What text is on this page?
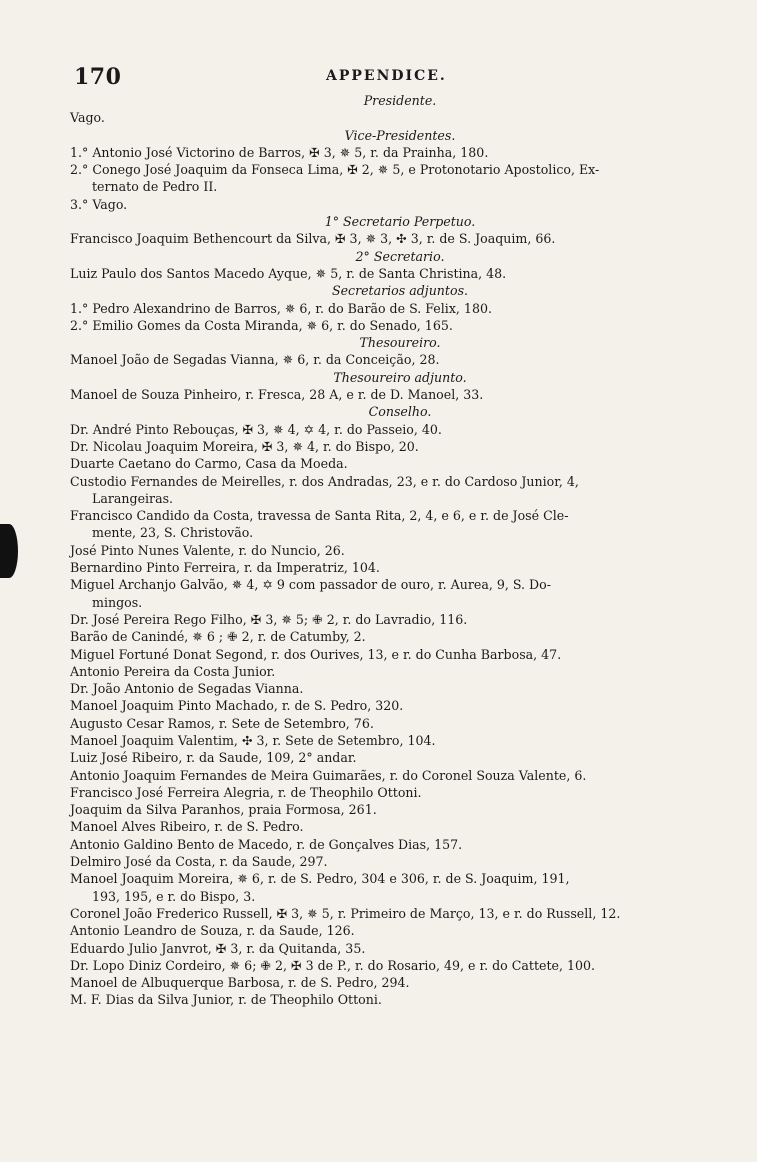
170	APPENDICE.
Presidente.
Vago.
Vice-Presidentes.
1.° Antonio José Victorino de Barros, ✠ 3, ✵ 5, r. da Prainha, 180.
2.° Conego José Joaquim da Fonseca Lima, ✠ 2, ✵ 5, e Protonotario Apostolico, Ex-
ternato de Pedro II.
3.° Vago.
1° Secretario Perpetuo.
Francisco Joaquim Bethencourt da Silva, ✠ 3, ✵ 3, ✣ 3, r. de S. Joaquim, 66.
2° Secretario.
Luiz Paulo dos Santos Macedo Ayque, ✵ 5, r. de Santa Christina, 48.
Secretarios adjuntos.
1.° Pedro Alexandrino de Barros, ✵ 6, r. do Barão de S. Felix, 180.
2.° Emilio Gomes da Costa Miranda, ✵ 6, r. do Senado, 165.
Thesoureiro.
Manoel João de Segadas Vianna, ✵ 6, r. da Conceição, 28.
Thesoureiro adjunto.
Manoel de Souza Pinheiro, r. Fresca, 28 A, e r. de D. Manoel, 33.
Conselho.
Dr. André Pinto Rebouças, ✠ 3, ✵ 4, ✡ 4, r. do Passeio, 40.
Dr. Nicolau Joaquim Moreira, ✠ 3, ✵ 4, r. do Bispo, 20.
Duarte Caetano do Carmo, Casa da Moeda.
Custodio Fernandes de Meirelles, r. dos Andradas, 23, e r. do Cardoso Junior, 4,
Larangeiras.
Francisco Candido da Costa, travessa de Santa Rita, 2, 4, e 6, e r. de José Cle-
mente, 23, S. Christovão.
José Pinto Nunes Valente, r. do Nuncio, 26.
Bernardino Pinto Ferreira, r. da Imperatriz, 104.
Miguel Archanjo Galvão, ✵ 4, ✡ 9 com passador de ouro, r. Aurea, 9, S. Do-
mingos.
Dr. José Pereira Rego Filho, ✠ 3, ✵ 5; ✙ 2, r. do Lavradio, 116.
Barão de Canindé, ✵ 6 ; ✙ 2, r. de Catumby, 2.
Miguel Fortuné Donat Segond, r. dos Ourives, 13, e r. do Cunha Barbosa, 47.
Antonio Pereira da Costa Junior.
Dr. João Antonio de Segadas Vianna.
Manoel Joaquim Pinto Machado, r. de S. Pedro, 320.
Augusto Cesar Ramos, r. Sete de Setembro, 76.
Manoel Joaquim Valentim, ✣ 3, r. Sete de Setembro, 104.
Luiz José Ribeiro, r. da Saude, 109, 2° andar.
Antonio Joaquim Fernandes de Meira Guimarães, r. do Coronel Souza Valente, 6.
Francisco José Ferreira Alegria, r. de Theophilo Ottoni.
Joaquim da Silva Paranhos, praia Formosa, 261.
Manoel Alves Ribeiro, r. de S. Pedro.
Antonio Galdino Bento de Macedo, r. de Gonçalves Dias, 157.
Delmiro José da Costa, r. da Saude, 297.
Manoel Joaquim Moreira, ✵ 6, r. de S. Pedro, 304 e 306, r. de S. Joaquim, 191,
193, 195, e r. do Bispo, 3.
Coronel João Frederico Russell, ✠ 3, ✵ 5, r. Primeiro de Março, 13, e r. do Russell, 12.
Antonio Leandro de Souza, r. da Saude, 126.
Eduardo Julio Janvrot, ✠ 3, r. da Quitanda, 35.
Dr. Lopo Diniz Cordeiro, ✵ 6; ✙ 2, ✠ 3 de P., r. do Rosario, 49, e r. do Cattete, 100.
Manoel de Albuquerque Barbosa, r. de S. Pedro, 294.
M. F. Dias da Silva Junior, r. de Theophilo Ottoni.
